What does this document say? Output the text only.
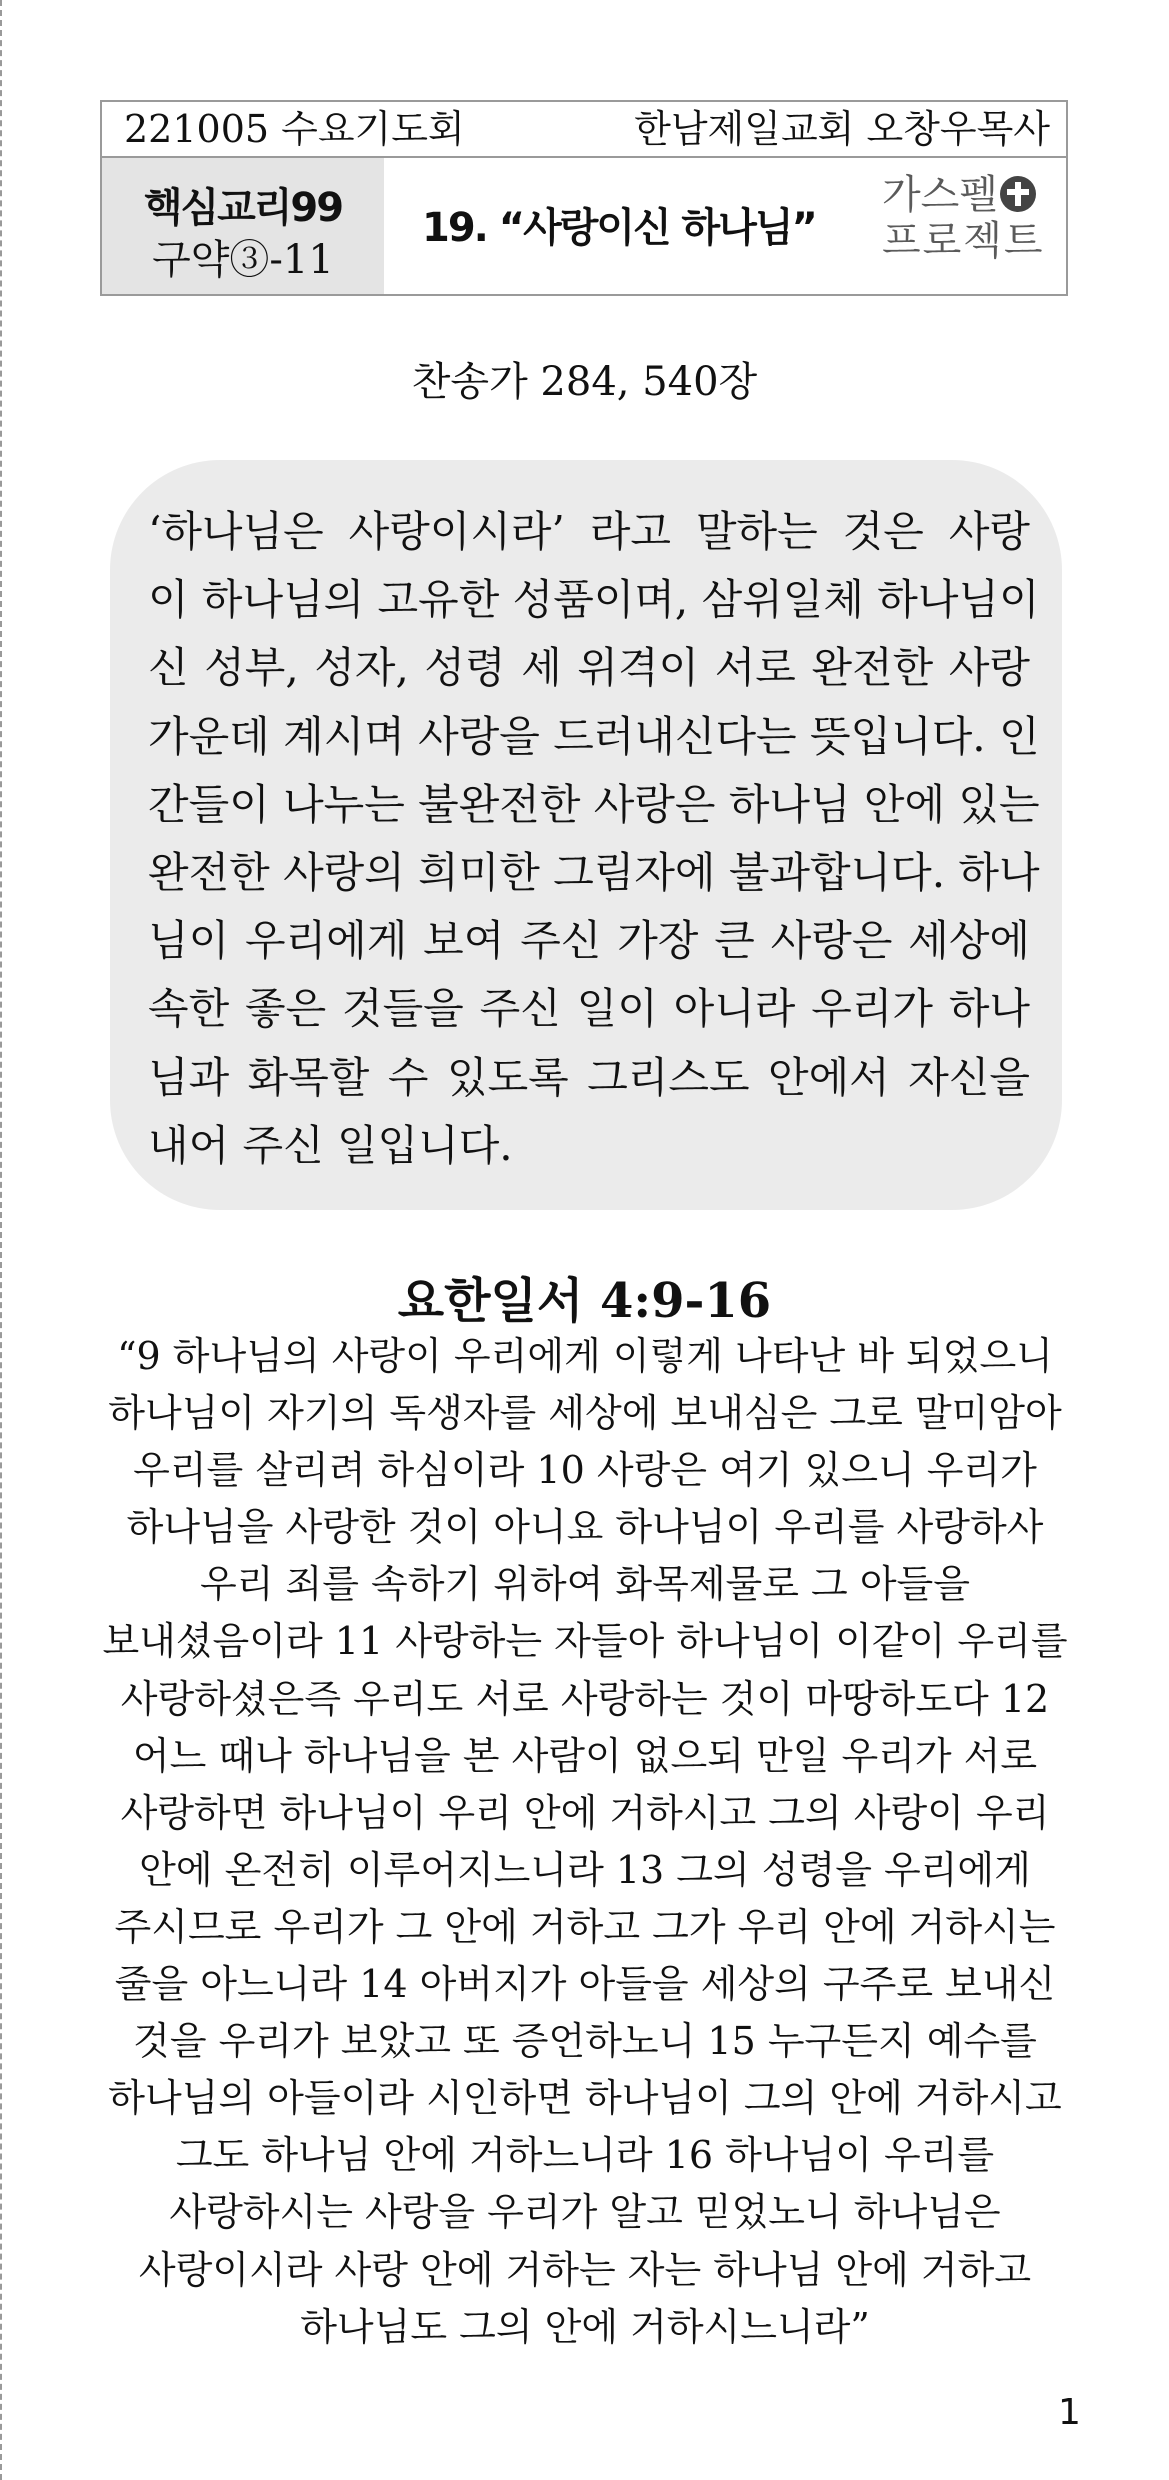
221005 수요기도회	한남제일교회 오창우목사
핵심교리99
구약③-11
19. “사랑이신 하나님”
가스펠
프로젝트
찬송가 284, 540장
‘하나님은 사랑이시라’ 라고 말하는 것은 사랑
이 하나님의 고유한 성품이며, 삼위일체 하나님이
신 성부, 성자, 성령 세 위격이 서로 완전한 사랑
가운데 계시며 사랑을 드러내신다는 뜻입니다. 인
간들이 나누는 불완전한 사랑은 하나님 안에 있는
완전한 사랑의 희미한 그림자에 불과합니다. 하나
님이 우리에게 보여 주신 가장 큰 사랑은 세상에
속한 좋은 것들을 주신 일이 아니라 우리가 하나
님과 화목할 수 있도록 그리스도 안에서 자신을
내어 주신 일입니다.
요한일서 4:9-16
“9 하나님의 사랑이 우리에게 이렇게 나타난 바 되었으니
하나님이 자기의 독생자를 세상에 보내심은 그로 말미암아
우리를 살리려 하심이라 10 사랑은 여기 있으니 우리가
하나님을 사랑한 것이 아니요 하나님이 우리를 사랑하사
우리 죄를 속하기 위하여 화목제물로 그 아들을
보내셨음이라 11 사랑하는 자들아 하나님이 이같이 우리를
사랑하셨은즉 우리도 서로 사랑하는 것이 마땅하도다 12
어느 때나 하나님을 본 사람이 없으되 만일 우리가 서로
사랑하면 하나님이 우리 안에 거하시고 그의 사랑이 우리
안에 온전히 이루어지느니라 13 그의 성령을 우리에게
주시므로 우리가 그 안에 거하고 그가 우리 안에 거하시는
줄을 아느니라 14 아버지가 아들을 세상의 구주로 보내신
것을 우리가 보았고 또 증언하노니 15 누구든지 예수를
하나님의 아들이라 시인하면 하나님이 그의 안에 거하시고
그도 하나님 안에 거하느니라 16 하나님이 우리를
사랑하시는 사랑을 우리가 알고 믿었노니 하나님은
사랑이시라 사랑 안에 거하는 자는 하나님 안에 거하고
하나님도 그의 안에 거하시느니라”
1
